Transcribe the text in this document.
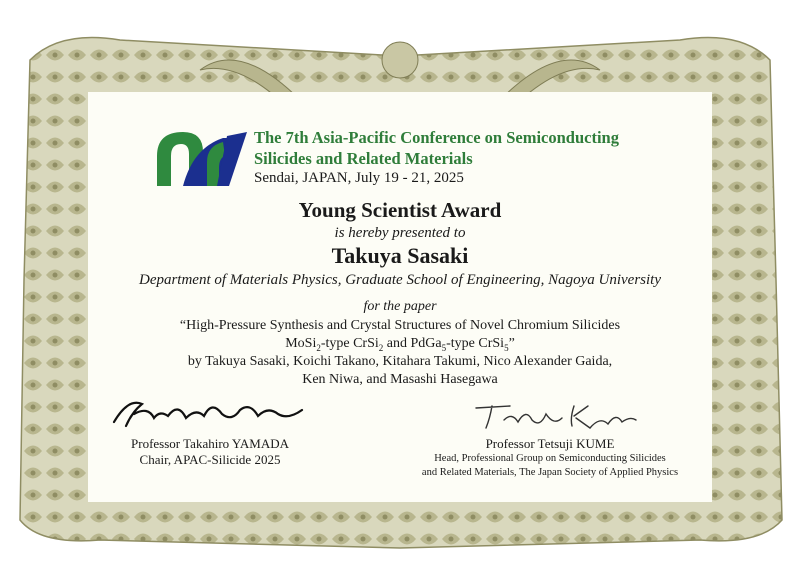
The 7th Asia-Pacific Conference on Semiconducting
Silicides and Related Materials
Sendai, JAPAN, July 19 - 21, 2025
Young Scientist Award
is hereby presented to
Takuya Sasaki
Department of Materials Physics, Graduate School of Engineering, Nagoya University
for the paper
“High-Pressure Synthesis and Crystal Structures of Novel Chromium Silicides
MoSi$_2$-type CrSi$_2$ and PdGa$_5$-type CrSi$_5$”
by Takuya Sasaki, Koichi Takano, Kitahara Takumi, Nico Alexander Gaida,
Ken Niwa, and Masashi Hasegawa
Professor Takahiro YAMADA
Chair, APAC-Silicide 2025
Professor Tetsuji KUME
Head, Professional Group on Semiconducting Silicides
and Related Materials, The Japan Society of Applied Physics
